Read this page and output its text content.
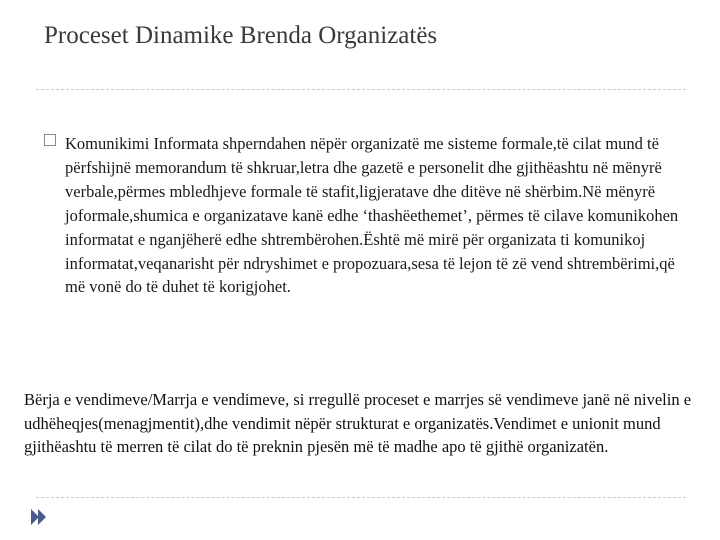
Proceset Dinamike Brenda Organizatës

Komunikimi Informata shperndahen nëpër organizatë me sisteme formale,të cilat mund të përfshijnë memorandum të shkruar,letra dhe gazetë e personelit dhe gjithëashtu në mënyrë verbale,përmes mbledhjeve formale të stafit,ligjeratave dhe ditëve në shërbim.Në mënyrë joformale,shumica e organizatave kanë edhe ‘thashëethemet’, përmes të cilave komunikohen informatat e nganjëherë edhe shtrembërohen.Është më mirë për organizata ti komunikoj informatat,veqanarisht për ndryshimet e propozuara,sesa të lejon të zë vend shtrembërimi,që më vonë do të duhet të korigjohet.

Bërja e vendimeve/Marrja e vendimeve, si rregullë proceset e marrjes së vendimeve janë në nivelin e udhëheqjes(menagjmentit),dhe vendimit nëpër strukturat e organizatës.Vendimet e unionit mund gjithëashtu të merren të cilat do të preknin pjesën më të madhe apo të gjithë organizatën.
